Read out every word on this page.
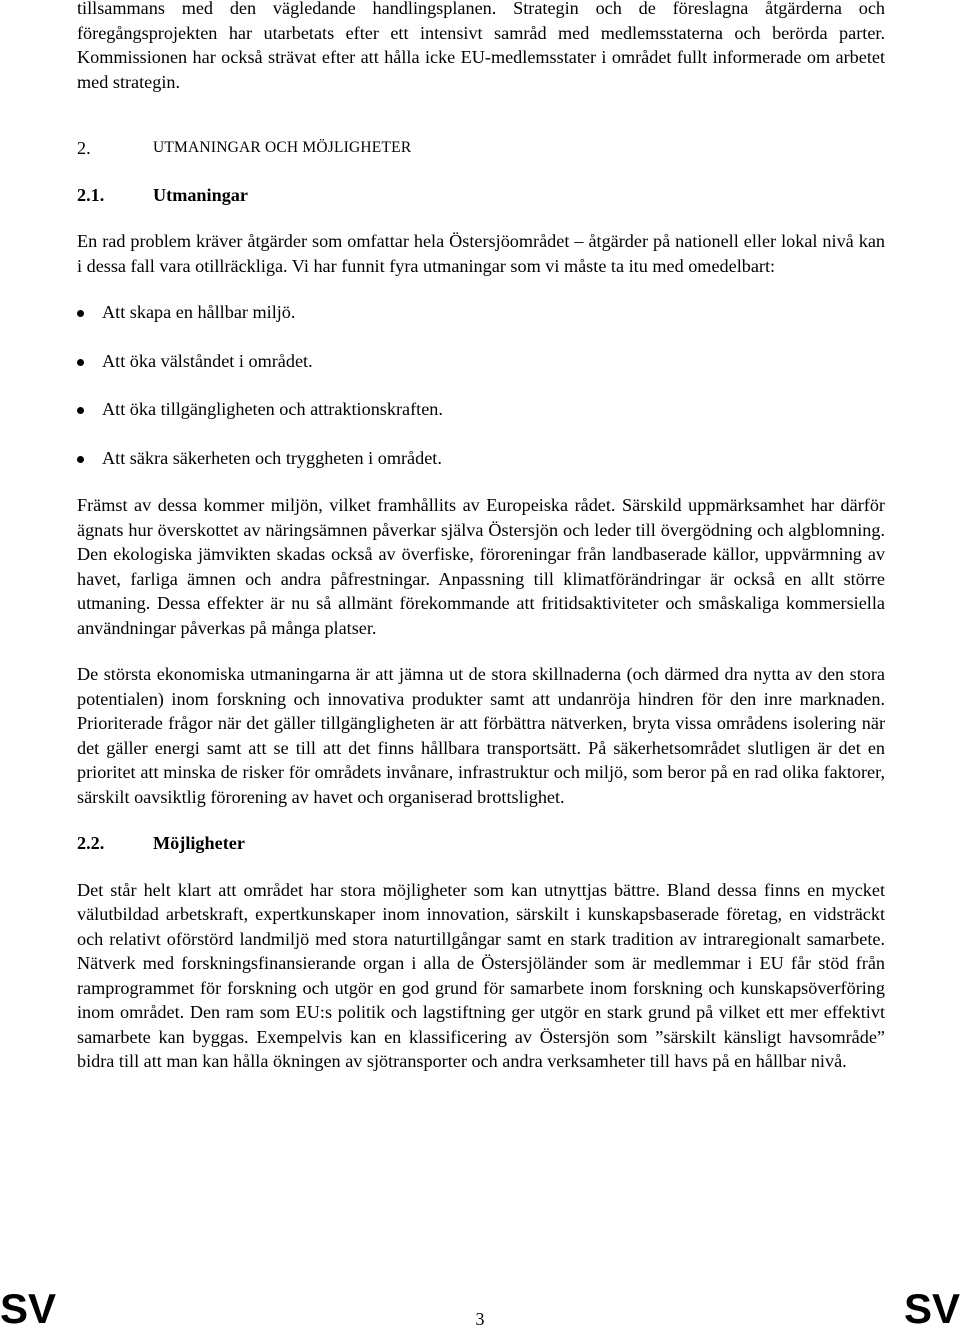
tillsammans med den vägledande handlingsplanen. Strategin och de föreslagna åtgärderna och föregångsprojekten har utarbetats efter ett intensivt samråd med medlemsstaterna och berörda parter. Kommissionen har också strävat efter att hålla icke EU-medlemsstater i området fullt informerade om arbetet med strategin.

2.	UTMANINGAR OCH MÖJLIGHETER
2.1.	Utmaningar

En rad problem kräver åtgärder som omfattar hela Östersjöområdet – åtgärder på nationell eller lokal nivå kan i dessa fall vara otillräckliga. Vi har funnit fyra utmaningar som vi måste ta itu med omedelbart:

Att skapa en hållbar miljö.
Att öka välståndet i området.
Att öka tillgängligheten och attraktionskraften.
Att säkra säkerheten och tryggheten i området.

Främst av dessa kommer miljön, vilket framhållits av Europeiska rådet. Särskild uppmärksamhet har därför ägnats hur överskottet av näringsämnen påverkar själva Östersjön och leder till övergödning och algblomning. Den ekologiska jämvikten skadas också av överfiske, föroreningar från landbaserade källor, uppvärmning av havet, farliga ämnen och andra påfrestningar. Anpassning till klimatförändringar är också en allt större utmaning. Dessa effekter är nu så allmänt förekommande att fritidsaktiviteter och småskaliga kommersiella användningar påverkas på många platser.

De största ekonomiska utmaningarna är att jämna ut de stora skillnaderna (och därmed dra nytta av den stora potentialen) inom forskning och innovativa produkter samt att undanröja hindren för den inre marknaden. Prioriterade frågor när det gäller tillgängligheten är att förbättra nätverken, bryta vissa områdens isolering när det gäller energi samt att se till att det finns hållbara transportsätt. På säkerhetsområdet slutligen är det en prioritet att minska de risker för områdets invånare, infrastruktur och miljö, som beror på en rad olika faktorer, särskilt oavsiktlig förorening av havet och organiserad brottslighet.

2.2.	Möjligheter

Det står helt klart att området har stora möjligheter som kan utnyttjas bättre. Bland dessa finns en mycket välutbildad arbetskraft, expertkunskaper inom innovation, särskilt i kunskapsbaserade företag, en vidsträckt och relativt oförstörd landmiljö med stora naturtillgångar samt en stark tradition av intraregionalt samarbete. Nätverk med forskningsfinansierande organ i alla de Östersjöländer som är medlemmar i EU får stöd från ramprogrammet för forskning och utgör en god grund för samarbete inom forskning och kunskapsöverföring inom området. Den ram som EU:s politik och lagstiftning ger utgör en stark grund på vilket ett mer effektivt samarbete kan byggas. Exempelvis kan en klassificering av Östersjön som ”särskilt känsligt havsområde” bidra till att man kan hålla ökningen av sjötransporter och andra verksamheter till havs på en hållbar nivå.

SV	3	SV
